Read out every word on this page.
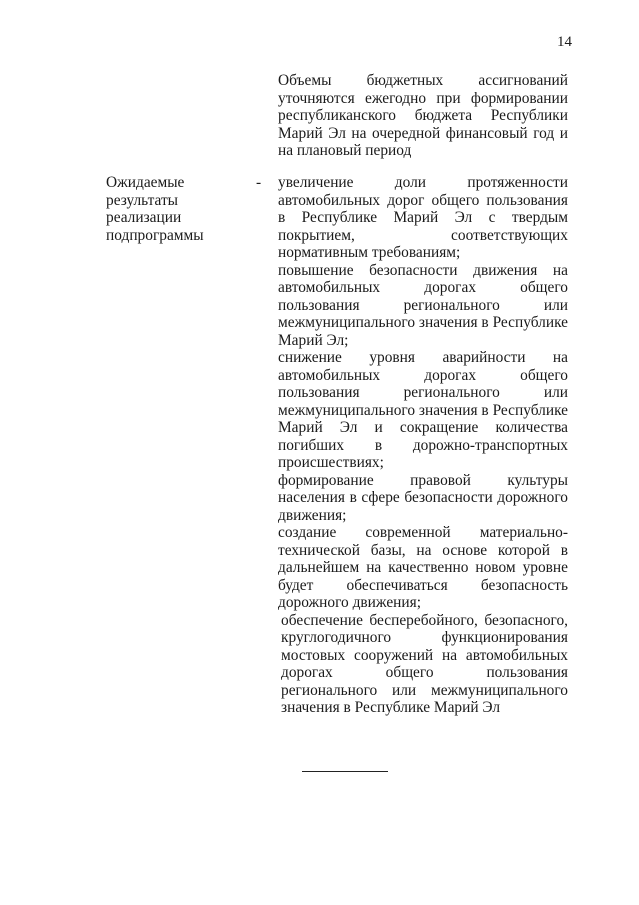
14
Объемы бюджетных ассигнований уточняются ежегодно при формировании республиканского бюджета Республики Марий Эл на очередной финансовый год и на плановый период
Ожидаемые результаты реализации подпрограммы
- увеличение доли протяженности автомобильных дорог общего пользования в Республике Марий Эл с твердым покрытием, соответствующих нормативным требованиям;

повышение безопасности движения на автомобильных дорогах общего пользования регионального или межмуниципального значения в Республике Марий Эл;

снижение уровня аварийности на автомобильных дорогах общего пользования регионального или межмуниципального значения в Республике Марий Эл и сокращение количества погибших в дорожно-транспортных происшествиях;

формирование правовой культуры населения в сфере безопасности дорожного движения;

создание современной материально-технической базы, на основе которой в дальнейшем на качественно новом уровне будет обеспечиваться безопасность дорожного движения;

обеспечение бесперебойного, безопасного, круглогодичного функционирования мостовых сооружений на автомобильных дорогах общего пользования регионального или межмуниципального значения в Республике Марий Эл
